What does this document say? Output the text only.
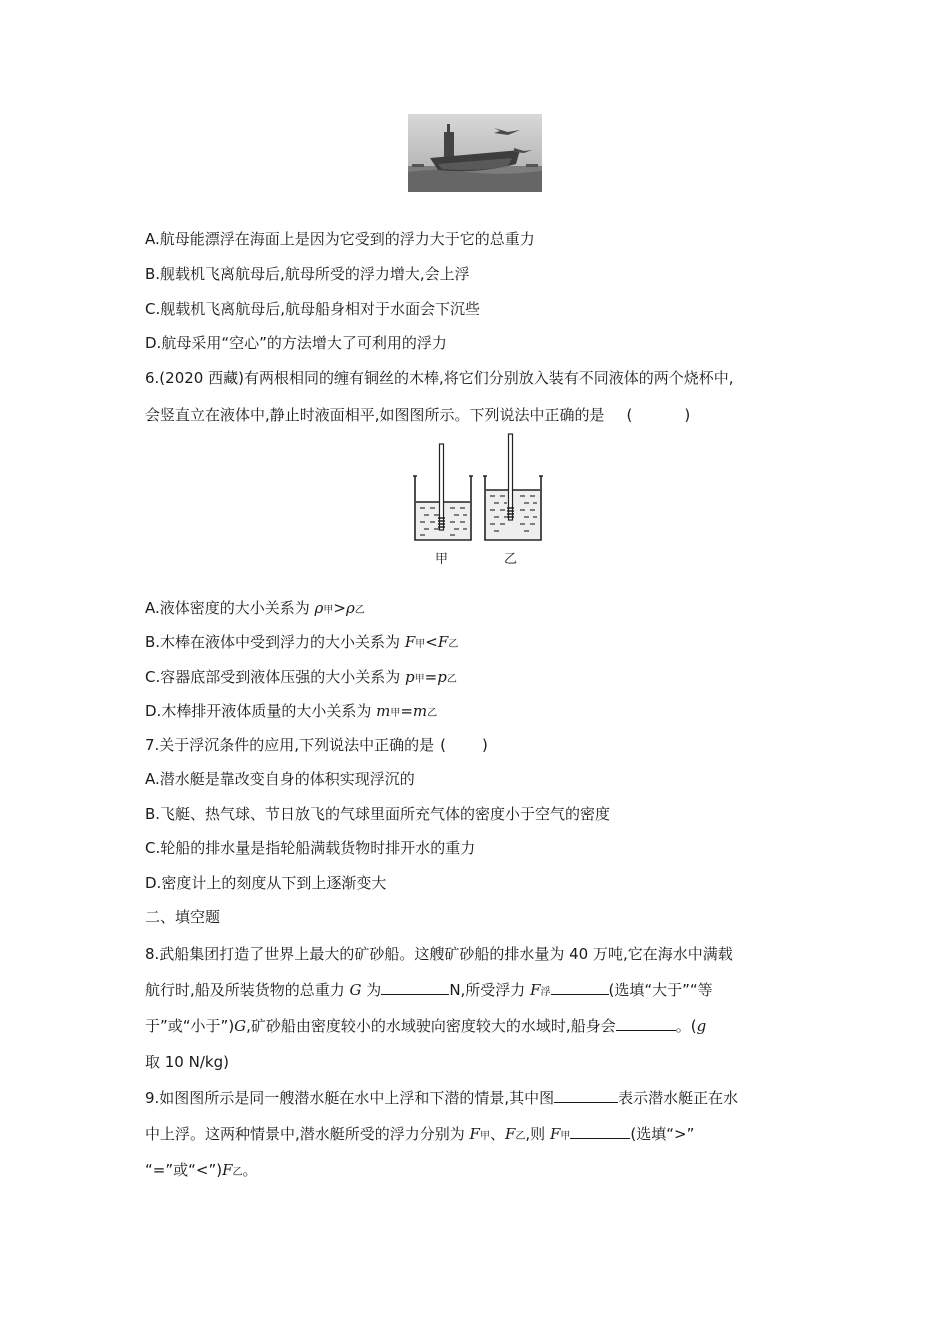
A.航母能漂浮在海面上是因为它受到的浮力大于它的总重力
B.舰载机飞离航母后,航母所受的浮力增大,会上浮
C.舰载机飞离航母后,航母船身相对于水面会下沉些
D.航母采用“空心”的方法增大了可利用的浮力
6.(2020 西藏)有两根相同的缠有铜丝的木棒,将它们分别放入装有不同液体的两个烧杯中,
会竖直立在液体中,静止时液面相平,如图图所示。下列说法中正确的是 (	)
甲	乙
A.液体密度的大小关系为 ρ甲>ρ乙
B.木棒在液体中受到浮力的大小关系为 F甲<F乙
C.容器底部受到液体压强的大小关系为 p甲=p乙
D.木棒排开液体质量的大小关系为 m甲=m乙
7.关于浮沉条件的应用,下列说法中正确的是 ( )
A.潜水艇是靠改变自身的体积实现浮沉的
B.飞艇、热气球、节日放飞的气球里面所充气体的密度小于空气的密度
C.轮船的排水量是指轮船满载货物时排开水的重力
D.密度计上的刻度从下到上逐渐变大
二、填空题
8.武船集团打造了世界上最大的矿砂船。这艘矿砂船的排水量为 40 万吨,它在海水中满载
航行时,船及所装货物的总重力 G 为	N,所受浮力 F浮	(选填“大于”“等
于”或“小于”)G,矿砂船由密度较小的水域驶向密度较大的水域时,船身会	。(g
取 10 N/kg)
9.如图图所示是同一艘潜水艇在水中上浮和下潜的情景,其中图	表示潜水艇正在水
中上浮。这两种情景中,潜水艇所受的浮力分别为 F甲、F乙,则 F甲	(选填“>”
“=”或“<”)F乙。
